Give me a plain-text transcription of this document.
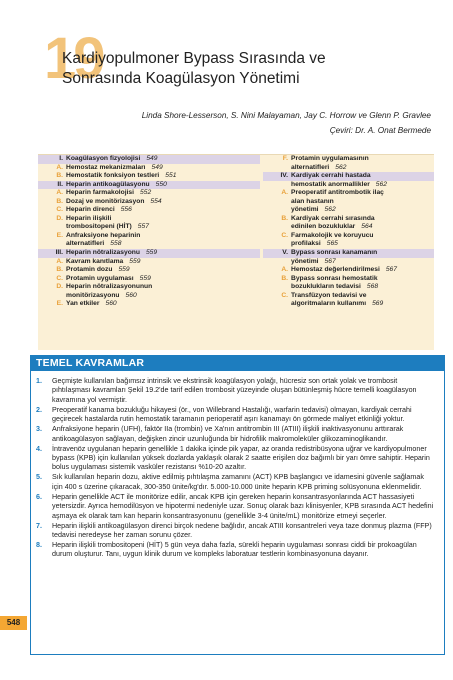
19
Kardiyopulmoner Bypass Sırasında ve
Sonrasında Koagülasyon Yönetimi
Linda Shore-Lesserson, S. Nini Malayaman, Jay C. Horrow ve Glenn P. Gravlee
Çeviri: Dr. A. Onat Bermede
I. Koagülasyon fizyolojisi 549
A. Hemostaz mekanizmaları 549
B. Hemostatik fonksiyon testleri 551
II. Heparin antikoagülasyonu 550
A. Heparin farmakolojisi 552
B. Dozaj ve monitörizasyon 554
C. Heparin direnci 556
D. Heparin ilişkili
trombositopeni (HİT) 557
E. Anfraksiyone heparinin
alternatifleri 558
III. Heparin nötralizasyonu 559
A. Kavram kanıtlama 559
B. Protamin dozu 559
C. Protamin uygulaması 559
D. Heparin nötralizasyonunun
monitörizasyonu 560
E. Yan etkiler 560
F. Protamin uygulamasının
alternatifleri 562
IV. Kardiyak cerrahi hastada
hemostatik anormallikler 562
A. Preoperatif antitrombotik ilaç
alan hastanın
yönetimi 562
B. Kardiyak cerrahi sırasında
edinilen bozukluklar 564
C. Farmakolojik ve koruyucu
profilaksi 565
V. Bypass sonrası kanamanın
yönetimi 567
A. Hemostaz değerlendirilmesi 567
B. Bypass sonrası hemostatik
bozuklukların tedavisi 568
C. Transfüzyon tedavisi ve
algoritmaların kullanımı 569
TEMEL KAVRAMLAR
1. Geçmişte kullanılan bağımsız intrinsik ve ekstrinsik koagülasyon yolağı, hücresiz son ortak yolak ve trombosit pıhtılaşması kavramları Şekil 19.2'de tarif edilen trombosit yüzeyinde oluşan bütünleşmiş hücre temelli koagülasyon kavramına yol vermiştir.
2. Preoperatif kanama bozukluğu hikayesi (ör., von Willebrand Hastalığı, warfarin tedavisi) olmayan, kardiyak cerrahi geçirecek hastalarda rutin hemostatik taramanın perioperatif aşırı kanamayı ön görmede maliyet etkinliği yoktur.
3. Anfraksiyone heparin (UFH), faktör IIa (trombin) ve Xa'nın antitrombin III (ATIII) ilişkili inaktivasyonunu arttırarak antikoagülasyon sağlayan, değişken zincir uzunluğunda bir hidrofilik makromoleküler glikozaminoglikandır.
4. İntravenöz uygulanan heparin genellikle 1 dakika içinde pik yapar, az oranda redistribüsyona uğrar ve kardiyopulmoner bypass (KPB) için kullanılan yüksek dozlarda yaklaşık olarak 2 saatte erişilen doz bağımlı bir yarı ömre sahiptir. Heparin bolus uygulaması sistemik vasküler rezistansı %10-20 azaltır.
5. Sık kullanılan heparin dozu, aktive edilmiş pıhtılaşma zamanını (ACT) KPB başlangıcı ve idamesini güvenle sağlamak için 400 s üzerine çıkaracak, 300-350 ünite/kg'dır. 5.000-10.000 ünite heparin KPB priming solüsyonuna eklenmelidir.
6. Heparin genellikle ACT ile monitörize edilir, ancak KPB için gereken heparin konsantrasyonlarında ACT hassasiyeti yetersizdir. Ayrıca hemodilüsyon ve hipotermi nedeniyle uzar. Sonuç olarak bazı klinisyenler, KPB sırasında ACT hedefini aşmaya ek olarak tam kan heparin konsantrasyonunu (genellikle 3-4 ünite/mL) monitörize etmeyi seçerler.
7. Heparin ilişkili antikoagülasyon direnci birçok nedene bağlıdır, ancak ATIII konsantreleri veya taze donmuş plazma (FFP) tedavisi neredeyse her zaman sorunu çözer.
8. Heparin ilişkili trombositopeni (HİT) 5 gün veya daha fazla, sürekli heparin uygulaması sonrası ciddi bir prokoagülan durum oluşturur. Tanı, uygun klinik durum ve kompleks laboratuar testlerin kombinasyonuna dayanır.
548
